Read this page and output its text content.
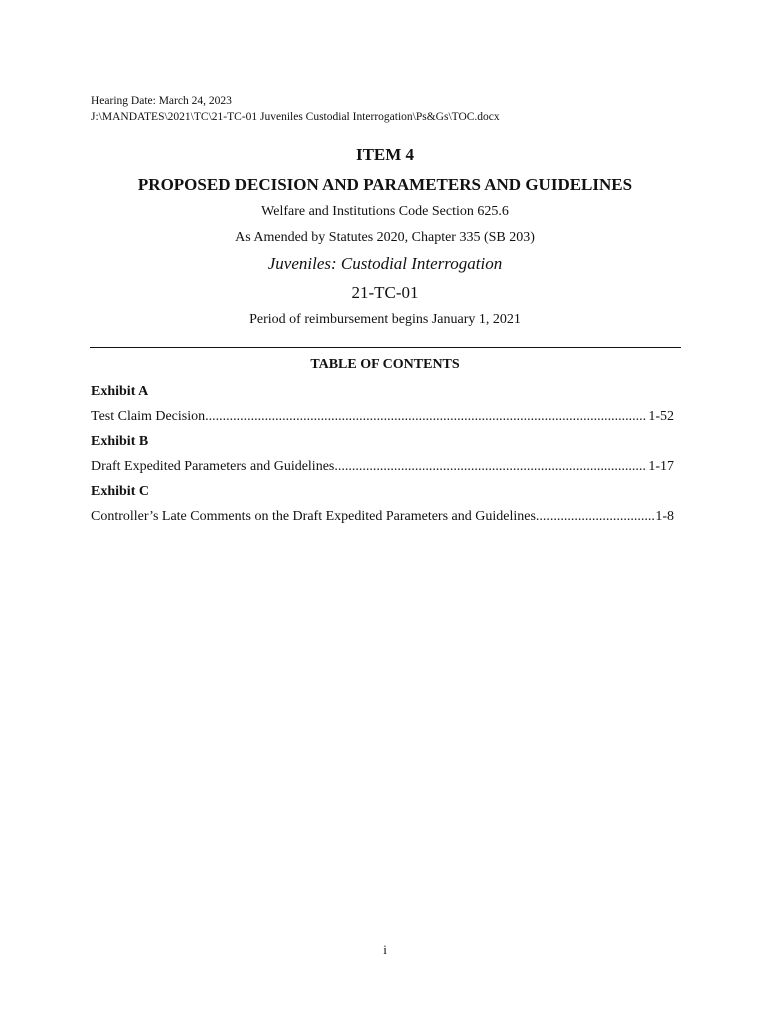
Hearing Date: March 24, 2023
J:\MANDATES\2021\TC\21-TC-01 Juveniles Custodial Interrogation\Ps&Gs\TOC.docx
ITEM 4
PROPOSED DECISION AND PARAMETERS AND GUIDELINES
Welfare and Institutions Code Section 625.6
As Amended by Statutes 2020, Chapter 335 (SB 203)
Juveniles: Custodial Interrogation
21-TC-01
Period of reimbursement begins January 1, 2021
TABLE OF CONTENTS
Exhibit A
Test Claim Decision .....	1-52
Exhibit B
Draft Expedited Parameters and Guidelines .....	1-17
Exhibit C
Controller’s Late Comments on the Draft Expedited Parameters and Guidelines .....	1-8
i
